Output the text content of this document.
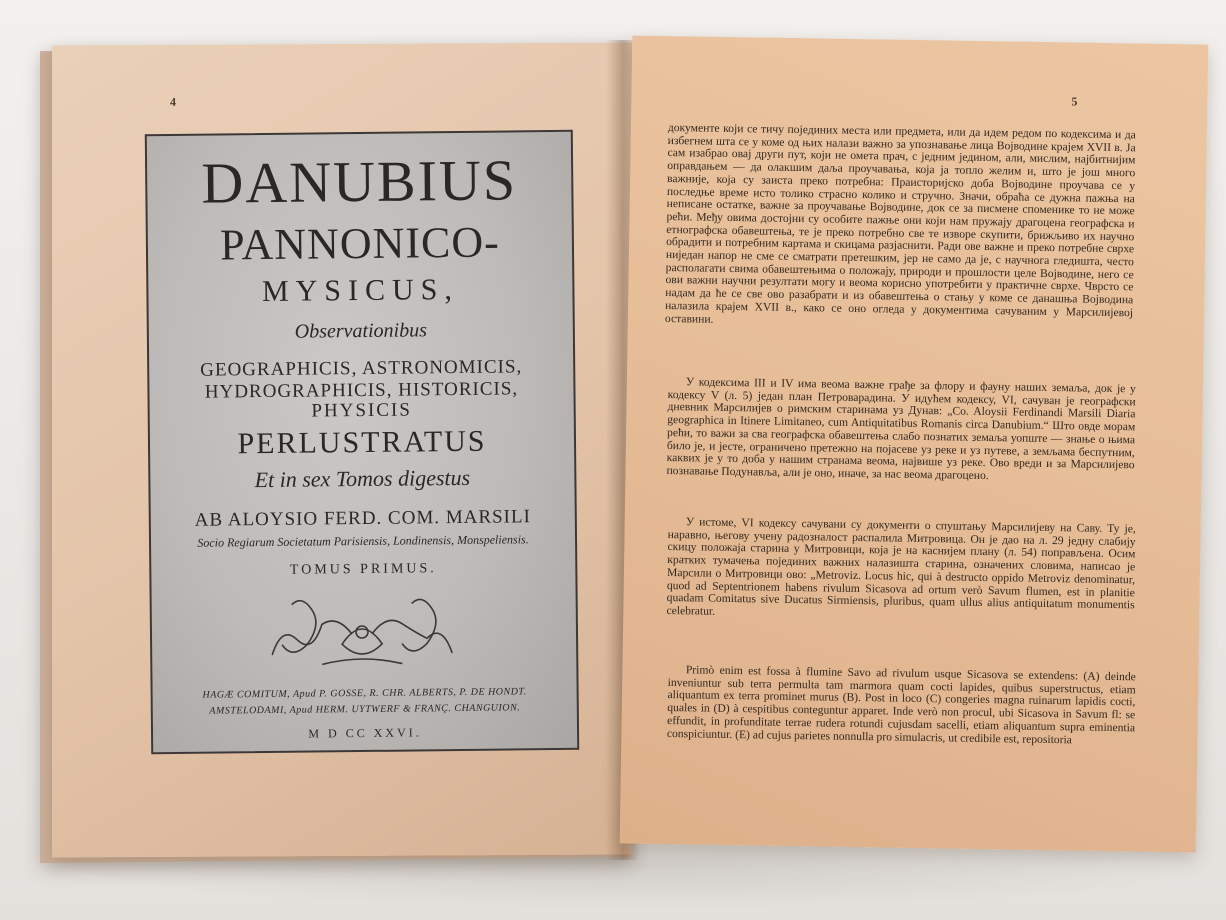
4
DANUBIUS
PANNONICO-
MYSICUS,
Observationibus
GEOGRAPHICIS, ASTRONOMICIS,
HYDROGRAPHICIS, HISTORICIS,
PHYSICIS
PERLUSTRATUS
Et in sex Tomos digestus
AB ALOYSIO FERD. COM. MARSILI
Socio Regiarum Societatum Parisiensis, Londinensis, Monspeliensis.
TOMUS PRIMUS.
HAGÆ COMITUM, Apud P. GOSSE, R. CHR. ALBERTS, P. DE HONDT.
AMSTELODAMI, Apud HERM. UYTWERF & FRANÇ. CHANGUION.
M D CC XXVI.
5
документе који се тичу појединих места или предмета, или да идем редом по кодексима и да избегнем шта се у коме од њих налази важно за упознавање лица Војводине крајем XVII в. Ја сам изабрао овај други пут, који не омета прач, с једним једином, али, мислим, најбитнијим оправдањем — да олакшим даља проучавања, која ја топло желим и, што је још много важније, која су заиста преко потребна: Праисторијско доба Војводине проучава се у последње време исто толико страсно колико и стручно. Значи, обраћа се дужна пажња на неписане остатке, важне за проучавање Војводине, док се за писмене споменике то не може рећи. Међу овима достојни су особите пажње они који нам пружају драгоцена географска и етнографска обавештења, те је преко потребно све те изворе скупити, брижљиво их научно обрадити и потребним картама и скицама разјаснити. Ради ове важне и преко потребне сврхе ниједан напор не сме се сматрати претешким, јер не само да је, с научнога гледишта, често располагати свима обавештењима о положају, природи и прошлости целе Војводине, него се ови важни научни резултати могу и веома корисно употребити у практичне сврхе. Чврсто се надам да ће се све ово разабрати и из обавештења о стању у коме се данашња Војводина налазила крајем XVII в., како се оно огледа у документима сачуваним у Марсилијевој оставини.
У кодексима III и IV има веома важне грађе за флору и фауну наших земаља, док је у кодексу V (л. 5) један план Петроварадина. У идућем кодексу, VI, сачуван је географски дневник Марсилијев о римским старинама уз Дунав: „Co. Aloysii Ferdinandi Marsili Diaria geographica in Itinere Limitaneo, cum Antiquitatibus Romanis circa Danubium.“ Што овде морам рећи, то важи за сва географска обавештења слабо познатих земаља уопште — знање о њима било је, и јесте, ограничено претежно на појасеве уз реке и уз путеве, а земљама беспутним, каквих је у то доба у нашим странама веома, највише уз реке. Ово вреди и за Марсилијево познавање Подунавља, али је оно, иначе, за нас веома драгоцено.
У истоме, VI кодексу сачувани су документи о спуштању Марсилијеву на Саву. Ту је, наравно, његову учену радозналост распалила Митровица. Он је дао на л. 29 једну слабију скицу положаја старина у Митровици, која је на каснијем плану (л. 54) поправљена. Осим кратких тумачења појединих важних налазишта старина, означених словима, написао је Марсили о Митровици ово: „Metroviz. Locus hic, qui à destructo oppido Metroviz denominatur, quod ad Septentrionem habens rivulum Sicasova ad ortum verò Savum flumen, est in planitie quadam Comitatus sive Ducatus Sirmiensis, pluribus, quam ullus alius antiquitatum monumentis celebratur.
Primò enim est fossa à flumine Savo ad rivulum usque Sicasova se extendens: (A) deinde inveniuntur sub terra permulta tam marmora quam cocti lapides, quibus superstructus, etiam aliquantum ex terra prominet murus (B). Post in loco (C) congeries magna ruinarum lapidis cocti, quales in (D) à cespitibus conteguntur apparet. Inde verò non procul, ubi Sicasova in Savum fl: se effundit, in profunditate terrae rudera rotundi cujusdam sacelli, etiam aliquantum supra eminentia conspiciuntur. (E) ad cujus parietes nonnulla pro simulacris, ut credibile est, repositoria
